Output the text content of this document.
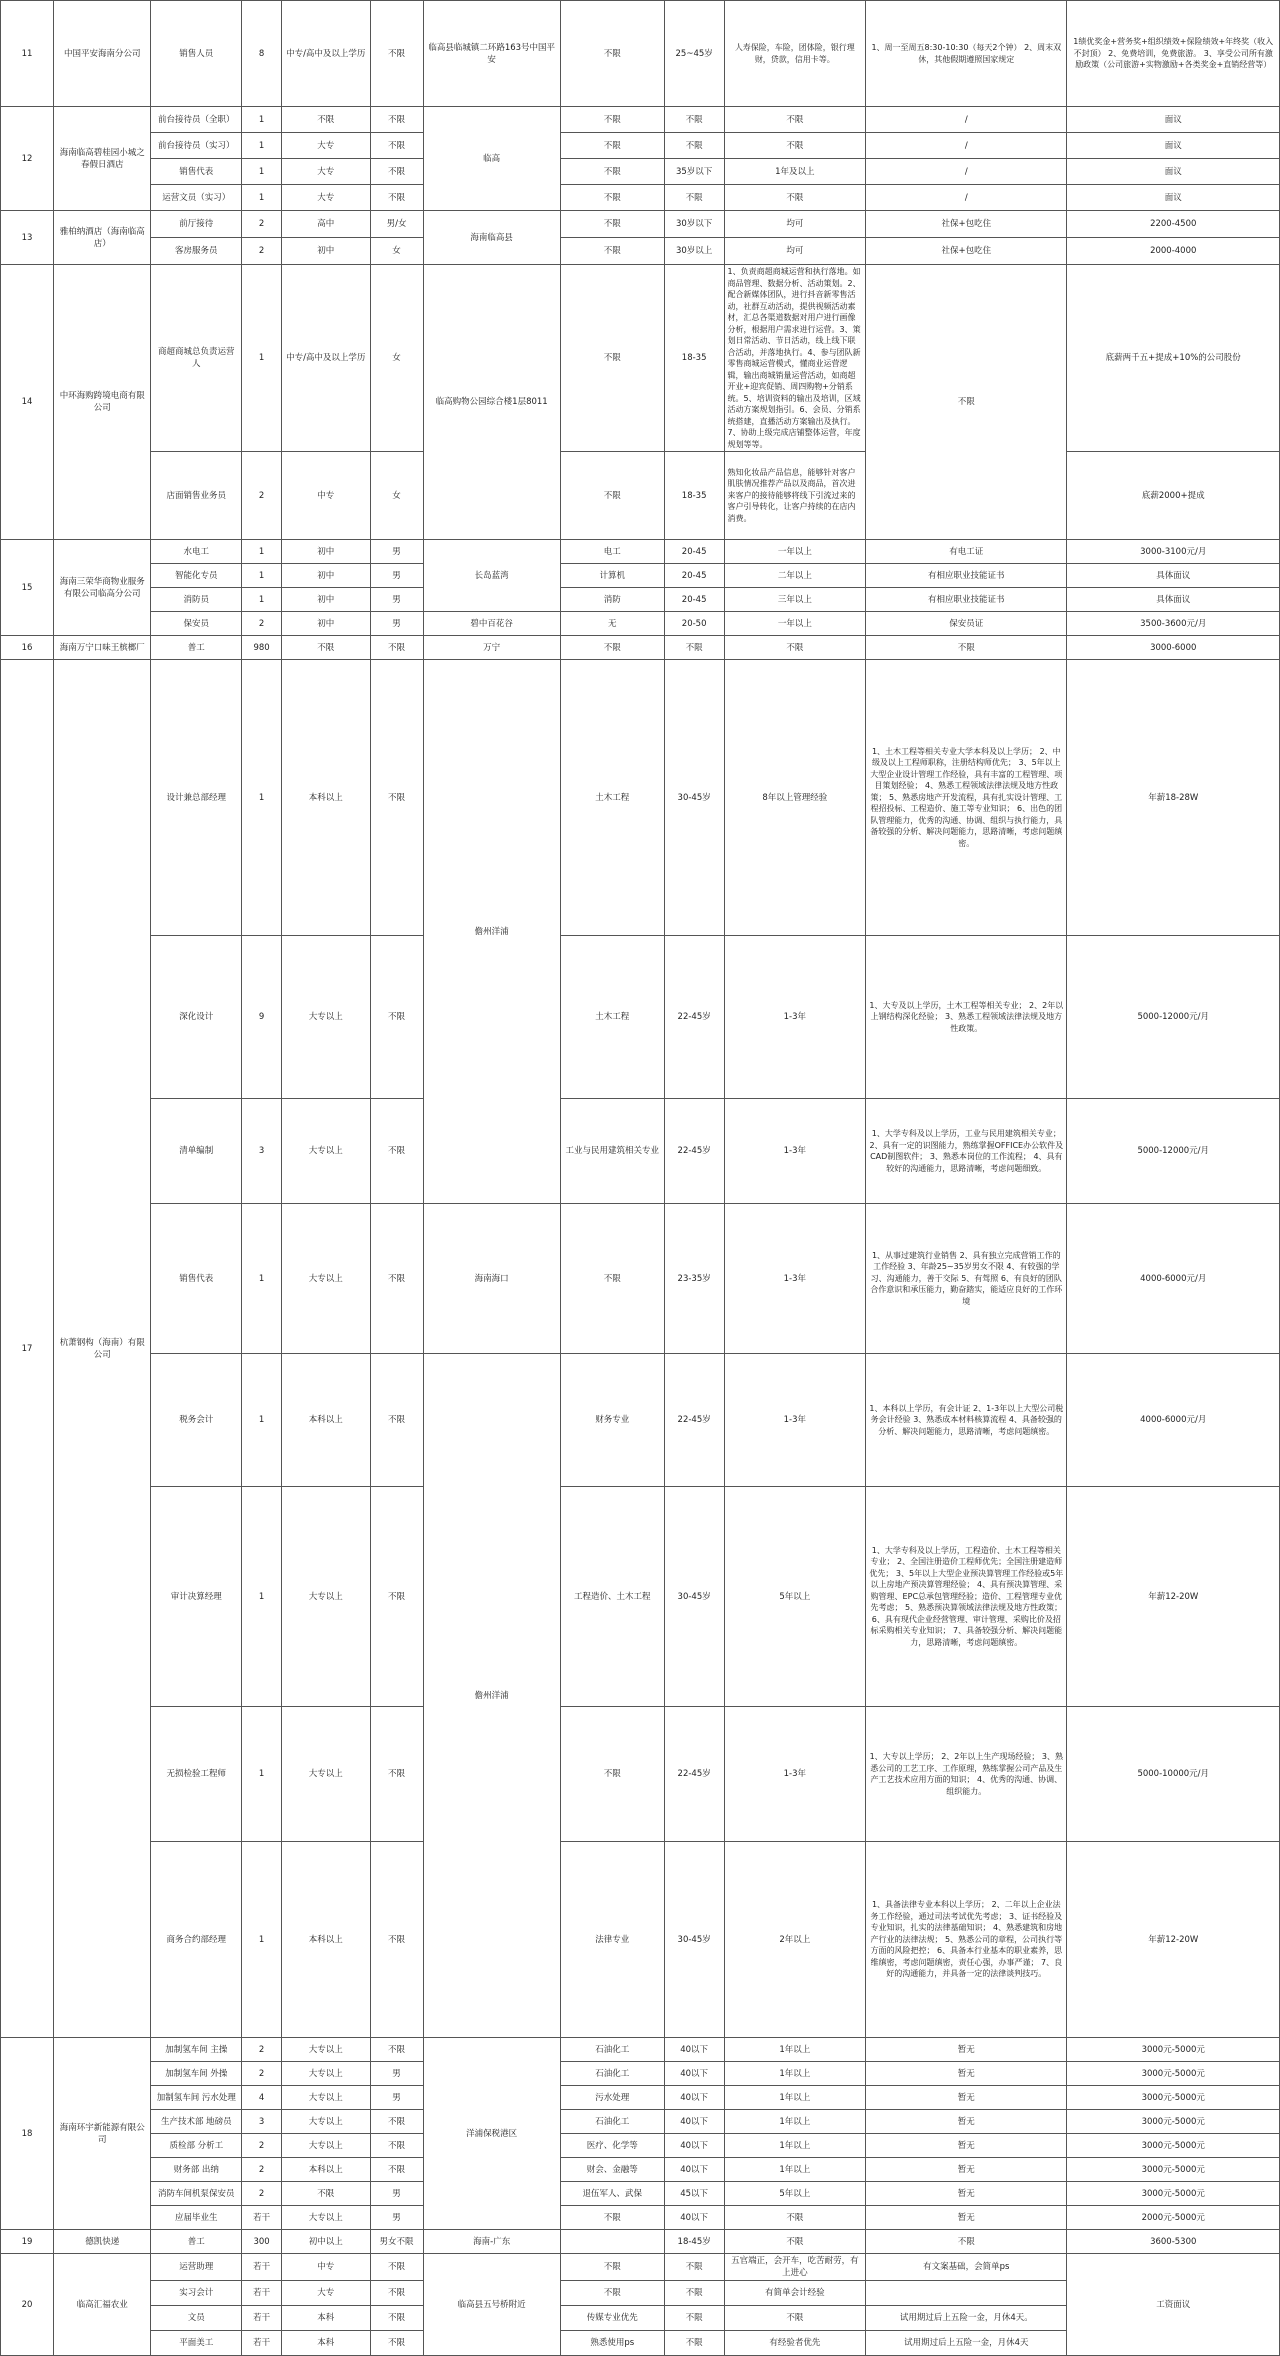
11	中国平安海南分公司	销售人员	8	中专/高中及以上学历	不限	临高县临城镇二环路163号中国平安	不限	25~45岁	人寿保险，车险，团体险，银行理财，贷款，信用卡等。	1、周一至周五8:30-10:30（每天2个钟） 2、周末双休，其他假期遵照国家规定	1绩优奖金+营务奖+组织绩效+保险绩效+年终奖（收入不封顶） 2、免费培训，免费旅游。 3、享受公司所有激励政策（公司旅游+实物激励+各类奖金+直销经营等）
12	海南临高碧桂园小城之春假日酒店	前台接待员（全职）	1	不限	不限	临高	不限	不限	不限	/	面议
		前台接待员（实习）	1	大专	不限		不限	不限	不限	/	面议
		销售代表	1	大专	不限		不限	35岁以下	1年及以上	/	面议
		运营文员（实习）	1	大专	不限		不限	不限	不限	/	面议
13	雅柏纳酒店（海南临高店）	前厅接待	2	高中	男/女	海南临高县	不限	30岁以下	均可	社保+包吃住	2200-4500
		客房服务员	2	初中	女		不限	30岁以上	均可	社保+包吃住	2000-4000
14	中环海购跨境电商有限公司	商超商城总负责运营人	1	中专/高中及以上学历	女	临高购物公园综合楼1层8011	不限	18-35	1、负责商超商城运营和执行落地。如商品管理、数据分析、活动策划。2、配合新媒体团队，进行抖音新零售活动，社群互动活动，提供视频活动素材，汇总各渠道数据对用户进行画像分析，根据用户需求进行运营。3、策划日常活动、节日活动，线上线下联合活动，并落地执行。4、参与团队新零售商城运营模式，懂商业运营逻辑，输出商城销量运营活动，如商超开业+迎宾促销、周四购物+分销系统。5、培训资料的输出及培训，区域活动方案规划指引。6、会员、分销系统搭建，直播活动方案输出及执行。7、协助上级完成店铺整体运营，年度规划等等。	不限	底薪两千五+提成+10%的公司股份
		店面销售业务员	2	中专	女		不限	18-35	熟知化妆品产品信息，能够针对客户肌肤情况推荐产品以及商品，首次进来客户的接待能够将线下引流过来的客户引导转化，让客户持续的在店内消费。		底薪2000+提成
15	海南三荣华商物业服务有限公司临高分公司	水电工	1	初中	男	长岛蓝湾	电工	20-45	一年以上	有电工证	3000-3100元/月
		智能化专员	1	初中	男		计算机	20-45	二年以上	有相应职业技能证书	具体面议
		消防员	1	初中	男		消防	20-45	三年以上	有相应职业技能证书	具体面议
		保安员	2	初中	男	碧中百花谷	无	20-50	一年以上	保安员证	3500-3600元/月
16	海南万宁口味王槟榔厂	普工	980	不限	不限	万宁	不限	不限	不限	不限	3000-6000
17	杭萧钢构（海南）有限公司	设计兼总部经理	1	本科以上	不限	儋州洋浦	土木工程	30-45岁	8年以上管理经验	1、土木工程等相关专业大学本科及以上学历； 2、中级及以上工程师职称，注册结构师优先； 3、5年以上大型企业设计管理工作经验，具有丰富的工程管理、项目策划经验； 4、熟悉工程领域法律法规及地方性政策； 5、熟悉房地产开发流程，具有扎实设计管理、工程招投标、工程造价、施工等专业知识； 6、出色的团队管理能力，优秀的沟通、协调、组织与执行能力，具备较强的分析、解决问题能力，思路清晰，考虑问题缜密。	年薪18-28W
		深化设计	9	大专以上	不限		土木工程	22-45岁	1-3年	1、大专及以上学历，土木工程等相关专业； 2、2年以上钢结构深化经验； 3、熟悉工程领域法律法规及地方性政策。	5000-12000元/月
		清单编制	3	大专以上	不限		工业与民用建筑相关专业	22-45岁	1-3年	1、大学专科及以上学历，工业与民用建筑相关专业； 2、具有一定的识图能力，熟练掌握OFFICE办公软件及CAD制图软件； 3、熟悉本岗位的工作流程； 4、具有较好的沟通能力，思路清晰，考虑问题细致。	5000-12000元/月
		销售代表	1	大专以上	不限	海南海口	不限	23-35岁	1-3年	1、从事过建筑行业销售 2、具有独立完成营销工作的工作经验 3、年龄25~35岁男女不限 4、有较强的学习、沟通能力，善于交际 5、有驾照 6、有良好的团队合作意识和承压能力，勤奋踏实，能适应良好的工作环境	4000-6000元/月
		税务会计	1	本科以上	不限	儋州洋浦	财务专业	22-45岁	1-3年	1、本科以上学历，有会计证 2、1-3年以上大型公司税务会计经验 3、熟悉成本材料核算流程 4、具备较强的分析、解决问题能力，思路清晰，考虑问题缜密。	4000-6000元/月
		审计决算经理	1	大专以上	不限		工程造价、土木工程	30-45岁	5年以上	1、大学专科及以上学历，工程造价、土木工程等相关专业； 2、全国注册造价工程师优先；全国注册建造师优先； 3、5年以上大型企业预决算管理工作经验或5年以上房地产预决算管理经验； 4、具有预决算管理、采购管理、EPC总承包管理经验；造价、工程管理专业优先考虑； 5、熟悉预决算领域法律法规及地方性政策； 6、具有现代企业经营管理、审计管理、采购比价及招标采购相关专业知识； 7、具备较强分析、解决问题能力，思路清晰，考虑问题缜密。	年薪12-20W
		无损检验工程师	1	大专以上	不限		不限	22-45岁	1-3年	1、大专以上学历； 2、2年以上生产现场经验； 3、熟悉公司的工艺工序、工作原理，熟练掌握公司产品及生产工艺技术应用方面的知识； 4、优秀的沟通、协调、组织能力。	5000-10000元/月
		商务合约部经理	1	本科以上	不限		法律专业	30-45岁	2年以上	1、具备法律专业本科以上学历； 2、二年以上企业法务工作经验，通过司法考试优先考虑； 3、证书经验及专业知识，扎实的法律基础知识； 4、熟悉建筑和房地产行业的法律法规； 5、熟悉公司的章程，公司执行等方面的风险把控； 6、具备本行业基本的职业素养，思维缜密，考虑问题缜密，责任心强，办事严谨； 7、良好的沟通能力，并具备一定的法律谈判技巧。	年薪12-20W
18	海南环宇新能源有限公司	加制氢车间 主操	2	大专以上	不限	洋浦保税港区	石油化工	40以下	1年以上	暂无	3000元-5000元
		加制氢车间 外操	2	大专以上	男		石油化工	40以下	1年以上	暂无	3000元-5000元
		加制氢车间 污水处理	4	大专以上	男		污水处理	40以下	1年以上	暂无	3000元-5000元
		生产技术部 地磅员	3	大专以上	不限		石油化工	40以下	1年以上	暂无	3000元-5000元
		质检部 分析工	2	大专以上	不限		医疗、化学等	40以下	1年以上	暂无	3000元-5000元
		财务部 出纳	2	本科以上	不限		财会、金融等	40以下	1年以上	暂无	3000元-5000元
		消防车间机泵保安员	2	不限	男		退伍军人、武保	45以下	5年以上	暂无	3000元-5000元
		应届毕业生	若干	大专以上	男		不限	40以下	不限	暂无	2000元-5000元
19	德凯快递	普工	300	初中以上	男女不限	海南-广东		18-45岁	不限	不限	3600-5300
20	临高汇福农业	运营助理	若干	中专	不限	临高县五号桥附近	不限	不限	五官端正，会开车，吃苦耐劳，有上进心	有文案基础，会简单ps	工资面议
		实习会计	若干	大专	不限		不限	不限	有简单会计经验		
		文员	若干	本科	不限		传媒专业优先	不限	不限	试用期过后上五险一金，月休4天。	
		平面美工	若干	本科	不限		熟悉使用ps	不限	有经验者优先	试用期过后上五险一金，月休4天	
